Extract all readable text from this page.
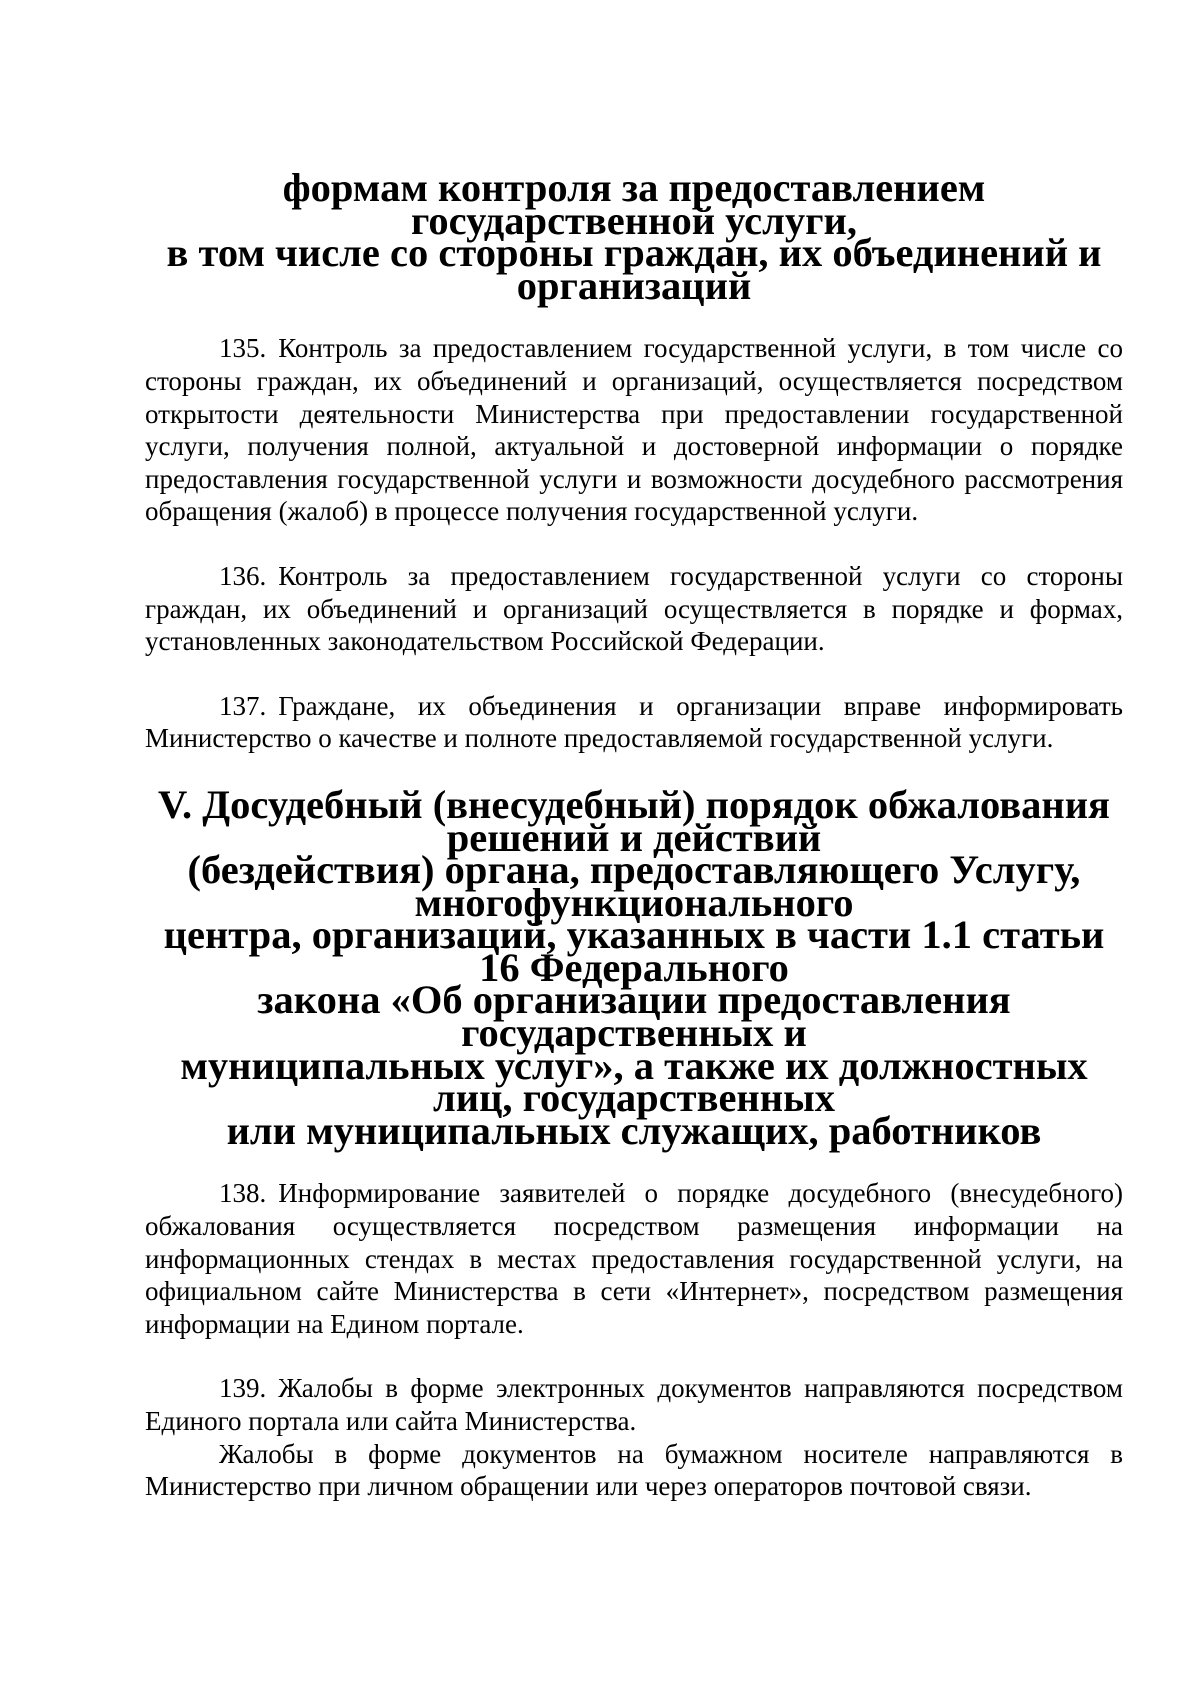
формам контроля за предоставлением государственной услуги,
в том числе со стороны граждан, их объединений и организаций

135. Контроль за предоставлением государственной услуги, в том числе со стороны граждан, их объединений и организаций, осуществляется посредством открытости деятельности Министерства при предоставлении государственной услуги, получения полной, актуальной и достоверной информации о порядке предоставления государственной услуги и возможности досудебного рассмотрения обращения (жалоб) в процессе получения государственной услуги.

136. Контроль за предоставлением государственной услуги со стороны граждан, их объединений и организаций осуществляется в порядке и формах, установленных законодательством Российской Федерации.

137. Граждане, их объединения и организации вправе информировать Министерство о качестве и полноте предоставляемой государственной услуги.

V. Досудебный (внесудебный) порядок обжалования решений и действий
(бездействия) органа, предоставляющего Услугу, многофункционального
центра, организаций, указанных в части 1.1 статьи 16 Федерального
закона «Об организации предоставления государственных и
муниципальных услуг», а также их должностных лиц, государственных
или муниципальных служащих, работников

138. Информирование заявителей о порядке досудебного (внесудебного) обжалования осуществляется посредством размещения информации на информационных стендах в местах предоставления государственной услуги, на официальном сайте Министерства в сети «Интернет», посредством размещения информации на Едином портале.

139. Жалобы в форме электронных документов направляются посредством Единого портала или сайта Министерства.

Жалобы в форме документов на бумажном носителе направляются в Министерство при личном обращении или через операторов почтовой связи.
